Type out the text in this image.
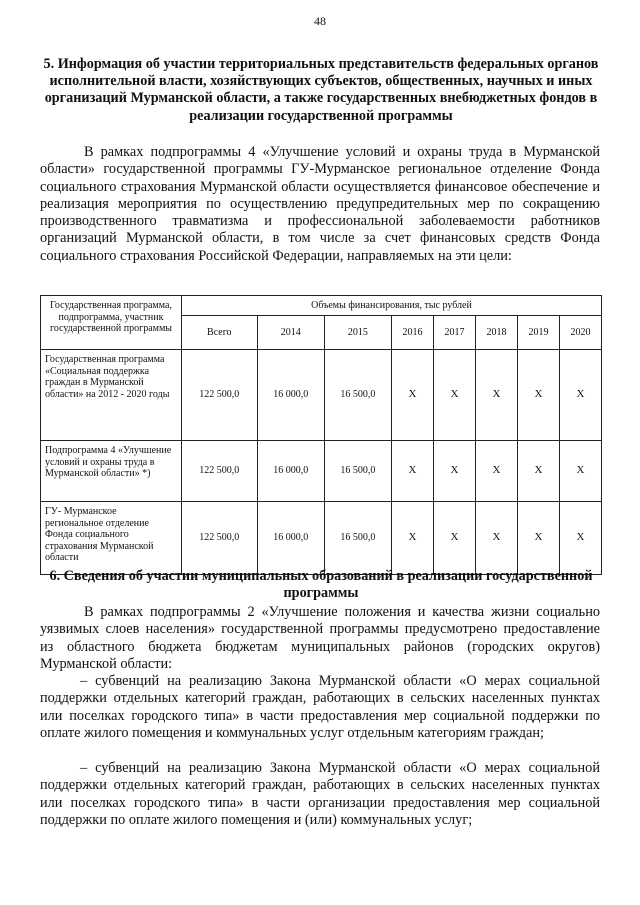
48
5. Информация об участии территориальных представительств федеральных органов исполнительной власти, хозяйствующих субъектов, общественных, научных и иных организаций Мурманской области, а также государственных внебюджетных фондов в реализации государственной программы

В рамках подпрограммы 4 «Улучшение условий и охраны труда в Мурманской области» государственной программы ГУ-Мурманское региональное отделение Фонда социального страхования Мурманской области осуществляется финансовое обеспечение и реализация мероприятия по осуществлению предупредительных мер по сокращению производственного травматизма и профессиональной заболеваемости работников организаций Мурманской области, в том числе за счет финансовых средств Фонда социального страхования Российской Федерации, направляемых на эти цели:

Государственная программа, подпрограмма, участник государственной программы	Объемы финансирования, тыс рублей							
	Всего	2014	2015	2016	2017	2018	2019	2020
Государственная программа «Социальная поддержка граждан в Мурманской области» на 2012 - 2020 годы	122 500,0	16 000,0	16 500,0	Х	Х	Х	Х	Х
Подпрограмма 4 «Улучшение условий и охраны труда в Мурманской области» *)	122 500,0	16 000,0	16 500,0	Х	Х	Х	Х	Х
ГУ- Мурманское региональное отделение Фонда социального страхования Мурманской области	122 500,0	16 000,0	16 500,0	Х	Х	Х	Х	Х
6. Сведения об участии муниципальных образований в реализации государственной программы

В рамках подпрограммы 2 «Улучшение положения и качества жизни социально уязвимых слоев населения» государственной программы предусмотрено предоставление из областного бюджета бюджетам муниципальных районов (городских округов) Мурманской области:

– субвенций на реализацию Закона Мурманской области «О мерах социальной поддержки отдельных категорий граждан, работающих в сельских населенных пунктах или поселках городского типа» в части предоставления мер социальной поддержки по оплате жилого помещения и коммунальных услуг отдельным категориям граждан;

– субвенций на реализацию Закона Мурманской области «О мерах социальной поддержки отдельных категорий граждан, работающих в сельских населенных пунктах или поселках городского типа» в части организации предоставления мер социальной поддержки по оплате жилого помещения и (или) коммунальных услуг;
